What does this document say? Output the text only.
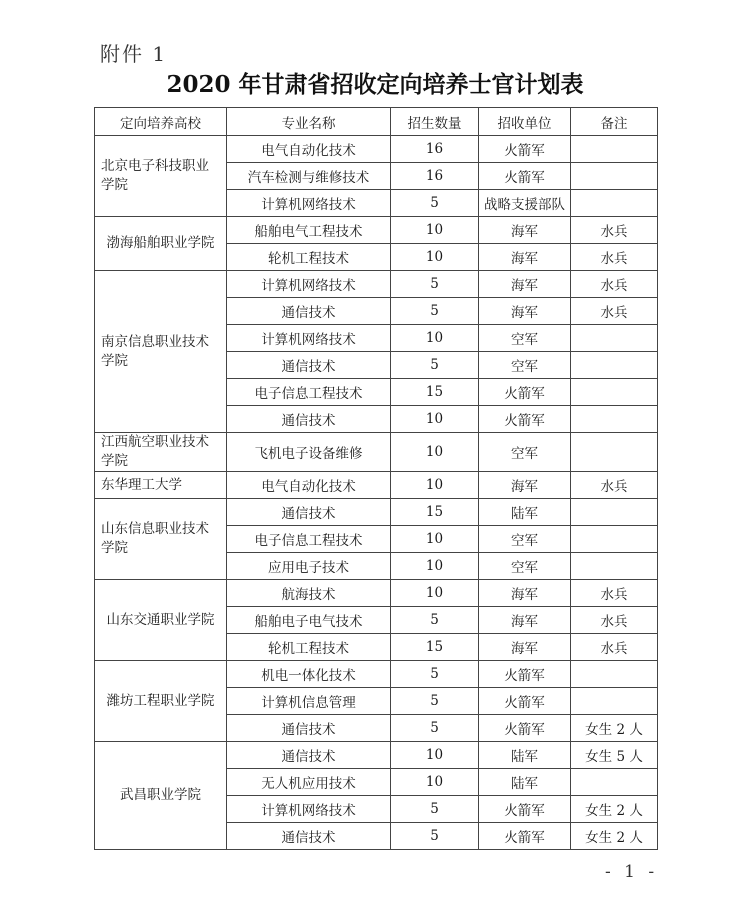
附件 1
2020 年甘肃省招收定向培养士官计划表
定向培养高校	专业名称	招生数量	招收单位	备注
北京电子科技职业学院	电气自动化技术	16	火箭军	
	汽车检测与维修技术	16	火箭军	
	计算机网络技术	5	战略支援部队	
渤海船舶职业学院	船舶电气工程技术	10	海军	水兵
	轮机工程技术	10	海军	水兵
南京信息职业技术学院	计算机网络技术	5	海军	水兵
	通信技术	5	海军	水兵
	计算机网络技术	10	空军	
	通信技术	5	空军	
	电子信息工程技术	15	火箭军	
	通信技术	10	火箭军	
江西航空职业技术学院	飞机电子设备维修	10	空军	
东华理工大学	电气自动化技术	10	海军	水兵
山东信息职业技术学院	通信技术	15	陆军	
	电子信息工程技术	10	空军	
	应用电子技术	10	空军	
山东交通职业学院	航海技术	10	海军	水兵
	船舶电子电气技术	5	海军	水兵
	轮机工程技术	15	海军	水兵
潍坊工程职业学院	机电一体化技术	5	火箭军	
	计算机信息管理	5	火箭军	
	通信技术	5	火箭军	女生 2 人
武昌职业学院	通信技术	10	陆军	女生 5 人
	无人机应用技术	10	陆军	
	计算机网络技术	5	火箭军	女生 2 人
	通信技术	5	火箭军	女生 2 人
- 1 -
